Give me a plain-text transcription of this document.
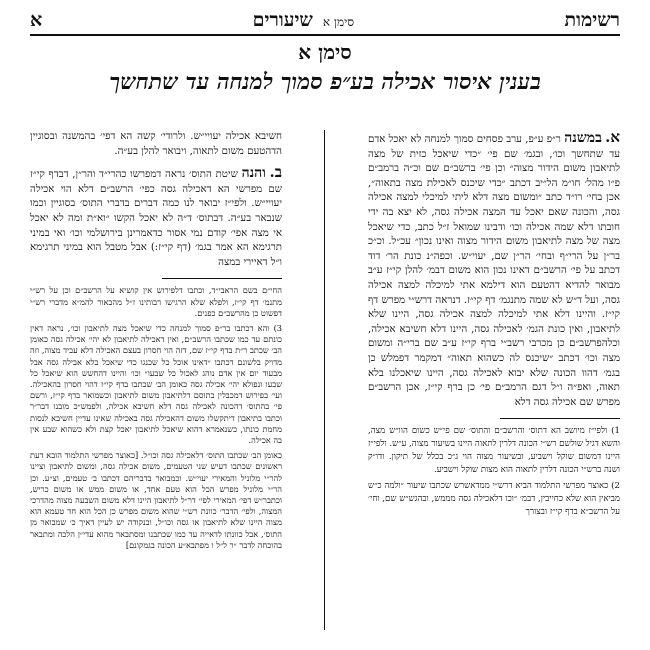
רשימות
סימן א
שיעורים
א
סימן א
בענין איסור אכילה בע״פ סמוך למנחה עד שתחשך

א. במשנה ר״פ ע״פ, ערב פסחים סמוך למנחה לא יאכל אדם עד שתחשך וכו׳, ובגמ׳ שם פי׳ ״כדי שיאכל כזית של מצה לתיאבון משום הידור מצוה״ וכן פי׳ ברשב״ם שם וכ״ה ברמב״ם פ״ו מהל׳ חו״מ הל״יב דכתב ״כדי שיכנס לאכילת מצה בתאוה״, אכן בחי׳ רו״ד כתב ״ומשום מצה דלא ליתי למיכלי למצה אכילה גסה, והכונה שאם יאכל עד המצה אכילה גסה, לא יצא בה ידי חובתו דלא שמה אכילה וכו׳ ודבינו שמואל ז״ל כתב, כדי שיאכל מצה של מצה לתיאבון משום הידור מצוה ואינו נכון״ עכ״ל. וכ״כ בר״ן על הרי״ף ובחי׳ הר״ן שם, יעוי״ש. וכפה״נ כונת הר׳ דוד דכתב על פי׳ הרשב״ם דאינו נכון הוא משום דבמ׳ להלן קי״ז ע״ב מבואר להדיא דהטעם הוא דילמא אתי למיכלה למצה אכילה גסה, ועל ד״ש לא שמה מתנגמ׳ דף קי״ז. דנראה דרש״י מפרש דף קי״ז. והיינו דלא אתי למיכלה למצה אכילה גסה, היינו שלא לתיאבון, ואין כונת הגמ׳ לאכילה גסה, היינו דלא חשיבא אכילה, וכלהפרשב״ם כן מכרבי רשב״י ברף קי״ז ע״ב שם ברי״ה ומשום מצה וכו׳ דכתב ״שיכנס לה כשהוא תאוה״ דמקמר דפמלש כן בגמ׳ דהוו הכונה שלא יבוא לאכילה גסה, היינו שיאכלנו בלא תאוה, ואפ״ה ו״ל דגם הרמב״ם פי׳ כן ברף קי״ז, אכן הרשב״ם מפרש שם אכילה גסה דלא

1) ולפי״ז מיושב הא דתוס׳ והרשב״ם והתוס׳ שם פי״ש כשום הוו״ש מצה, והשא דגיל שולשם רש״י הכונה דלרין לתאוה היינו בשיעור מצוה, ע״ש. ולפי״ז היינו דמשום שוקל וישביע, ובשיעור מצוה הוי ג״כ בכלל של תיקון. ודו״ק ושנה ברש״י הכונה דלרין לתאוה הוא מצות שוקל וישביע.

2) כאוצר מפרשי התלמוד הביא דרש״י ממדאשרש שכתבו שיעור ״ולמה כ״ש מביאין הוא שלא כחייבין, דבמ׳ ״וכו דלאכילה גסה מממש, ובהגש״ש שם, וחי׳ על הרשב״א בדף קי״ז ובצורך

חשיבא אכילה יעויי״ש. ולרודי׳ קשה הא דפי׳ בהמשנה ובסוגיין הדהטעם משום לתאוה, ויבואר להלן בע״ה.

ב. והנה שיטת התוס׳ נראה דמפרשו כהרי״ד והר״ן, דבדף קי״ז שם מפרשי הא דאכילה גסה כפי׳ הרשב״ם דלא הוי אכילה יעויי״ש. ולפי״ז יבואר לנו כמה דברים בדברי התוס׳ בסוגיין וכמו שנבאר בע״ה. דבתוס׳ ד״ה לא יאכל הקשו ״וא״ת ומה לא יאכל אי מצה אפי׳ קודם נמי אסור כדאמרינן בירושלמי וכו׳ ואי במיני תרגימא הא אמר בגמ׳ (דף קי״ז:) אבל מטבל הוא במיני תרגימא ו״ל דאיירי במצה

החי״ם בשם הראבי״ד, וכתבו דלפירוש אין קושיא על הרשב״ם וכן על רש״י מתנמ׳ דף קי״ז, ולפלא שלא הרגישו רבותינו ז״ל מהבאור להמ״א מדברי רש״י דפשוט כן מהרשב״ם כפנים.

3) והא דכתבו בר״פ סמוך למנחה כדי שיאכל מצה לתיאבון וכו׳, נראה דאין כונתם עד כמו שכתבו הרשב״ם, ואין דאכילה לתיאבון לא יהי׳ אכילה גסה כאומן הב׳ שכתב ר״ת בדף קי״ז שם, דזה הוי חסרון בעצם האכילה דלא עביד מצוה, וזה מדויק בלשונם דכתבו ״דאינו אוכל כל שכנגו כדי שיאכל בלא אבילה גסה אבל מבעוד יום אין אדם נוהג לאכול כל שבעו״ וכו׳ והיינו דהחשש הוא שיאכל כל שבעו ונפולא יהי׳ אכילה גסה כאומן הב׳ שכתבו בדף קי״ז דהוי חסרון בהאכילה. ועי׳ בפירוש דמכבלין בתוסם דלתיאבון משום לתיאבון וכשמואר בדף קי״ז, ורשם פי׳ בהתוס׳ דהכונה לאכילה גסה דלא חשיבא אכילה, ולפמש״כ מובנו דבר״ר וכתבו בתיאבון דיתקשלו משום דהאכילה גסה באכילה שאינו עדיין חשיבא לנסות מחמת כונתו, כשנאמרא דהוא שיאכל לתיאבון יאכל קצת ולא כשהוא שבע אין בה אכילה.

כאומן הב׳ שכתבו התוס׳ דלאכילה גסה וכו״ל. [כאוצר מפרשי התלמוד הובא דעת ראשונים שכתבו דעיש שני הטעמים, משום אכילה גסה, ומשום לתיאבון וציינו להר״י מלוניל והמאירי יעוי״ש. וכמבואר בדבריהם דכתבו ב׳ טעמים, וצ״ע. וכן הר״י מלוניל מפרש הכל הוא טעם אחד, או משום ממש או משום כריש, וכתבר״ש דפי׳ המאירי לפי׳ דר״ל לתיאבון היינו דלא משום השבעה מצוה מהדרכי המצוה, ולפי׳ הדבר׳ כוונת רש״י שהוא משום מפרש כן הכל הוא חד טעמא הוא מצוה היינו שלא לתיאבון או גסה וכו״ל, ובנקודה יש לעיין דאיך כ׳ שמבואר מן התוס׳, אבל כוונתו לדאייה עד כמו שכתבנו ומסתבאר מהוא עדי״ן הלכה ומתבאר בהוכחה לדבר ״ר ל״ל ו מפתבא״ע הכונה בגמקונם]
